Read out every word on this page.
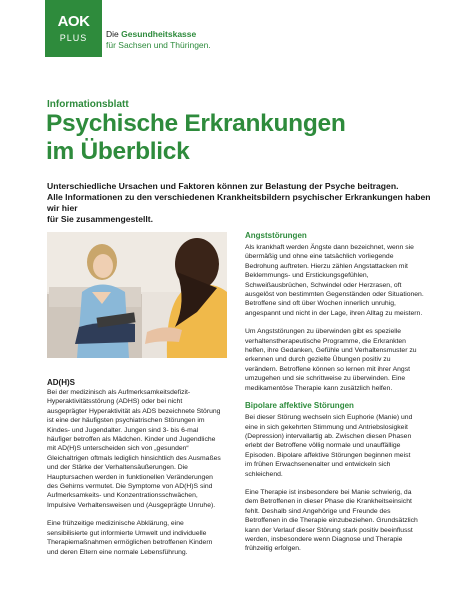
AOK
PLUS	Die Gesundheitskasse
für Sachsen und Thüringen.
Informationsblatt
Psychische Erkrankungen
im Überblick
Unterschiedliche Ursachen und Faktoren können zur Belastung der Psyche beitragen.
Alle Informationen zu den verschiedenen Krankheitsbildern psychischer Erkrankungen haben wir hier
für Sie zusammengestellt.
AD(H)S

Bei der medizinisch als Aufmerksamkeitsdefizit-
Hyperaktivitätsstörung (ADHS) oder bei nicht
ausgeprägter Hyperaktivität als ADS bezeichnete Störung
ist eine der häufigsten psychiatrischen Störungen im
Kindes- und Jugendalter. Jungen sind 3- bis 6-mal
häufiger betroffen als Mädchen. Kinder und Jugendliche
mit AD(H)S unterscheiden sich von „gesunden“
Gleichaltrigen oftmals lediglich hinsichtlich des Ausmaßes
und der Stärke der Verhaltensäußerungen. Die
Hauptursachen werden in funktionellen Veränderungen
des Gehirns vermutet. Die Symptome von AD(H)S sind
Aufmerksamkeits- und Konzentrationsschwächen,
Impulsive Verhaltensweisen und (Ausgeprägte Unruhe).

Eine frühzeitige medizinische Abklärung, eine
sensibilisierte gut informierte Umwelt und individuelle
Therapiemaßnahmen ermöglichen betroffenen Kindern
und deren Eltern eine normale Lebensführung.

Angststörungen

Als krankhaft werden Ängste dann bezeichnet, wenn sie
übermäßig und ohne eine tatsächlich vorliegende
Bedrohung auftreten. Hierzu zählen Angstattacken mit
Beklemmungs- und Erstickungsgefühlen,
Schweißausbrüchen, Schwindel oder Herzrasen, oft
ausgelöst von bestimmten Gegenständen oder Situationen.
Betroffene sind oft über Wochen innerlich unruhig,
angespannt und nicht in der Lage, ihren Alltag zu meistern.

Um Angststörungen zu überwinden gibt es spezielle
verhaltenstherapeutische Programme, die Erkrankten
helfen, ihre Gedanken, Gefühle und Verhaltensmuster zu
erkennen und durch gezielte Übungen positiv zu
verändern. Betroffene können so lernen mit ihrer Angst
umzugehen und sie schrittweise zu überwinden. Eine
medikamentöse Therapie kann zusätzlich helfen.

Bipolare affektive Störungen

Bei dieser Störung wechseln sich Euphorie (Manie) und
eine in sich gekehrten Stimmung und Antriebslosigkeit
(Depression) intervallartig ab. Zwischen diesen Phasen
erlebt der Betroffene völlig normale und unauffällige
Episoden. Bipolare affektive Störungen beginnen meist
im frühen Erwachsenenalter und entwickeln sich
schleichend.

Eine Therapie ist insbesondere bei Manie schwierig, da
dem Betroffenen in dieser Phase die Krankheitseinsicht
fehlt. Deshalb sind Angehörige und Freunde des
Betroffenen in die Therapie einzubeziehen. Grundsätzlich
kann der Verlauf dieser Störung stark positiv beeinflusst
werden, insbesondere wenn Diagnose und Therapie
frühzeitig erfolgen.
